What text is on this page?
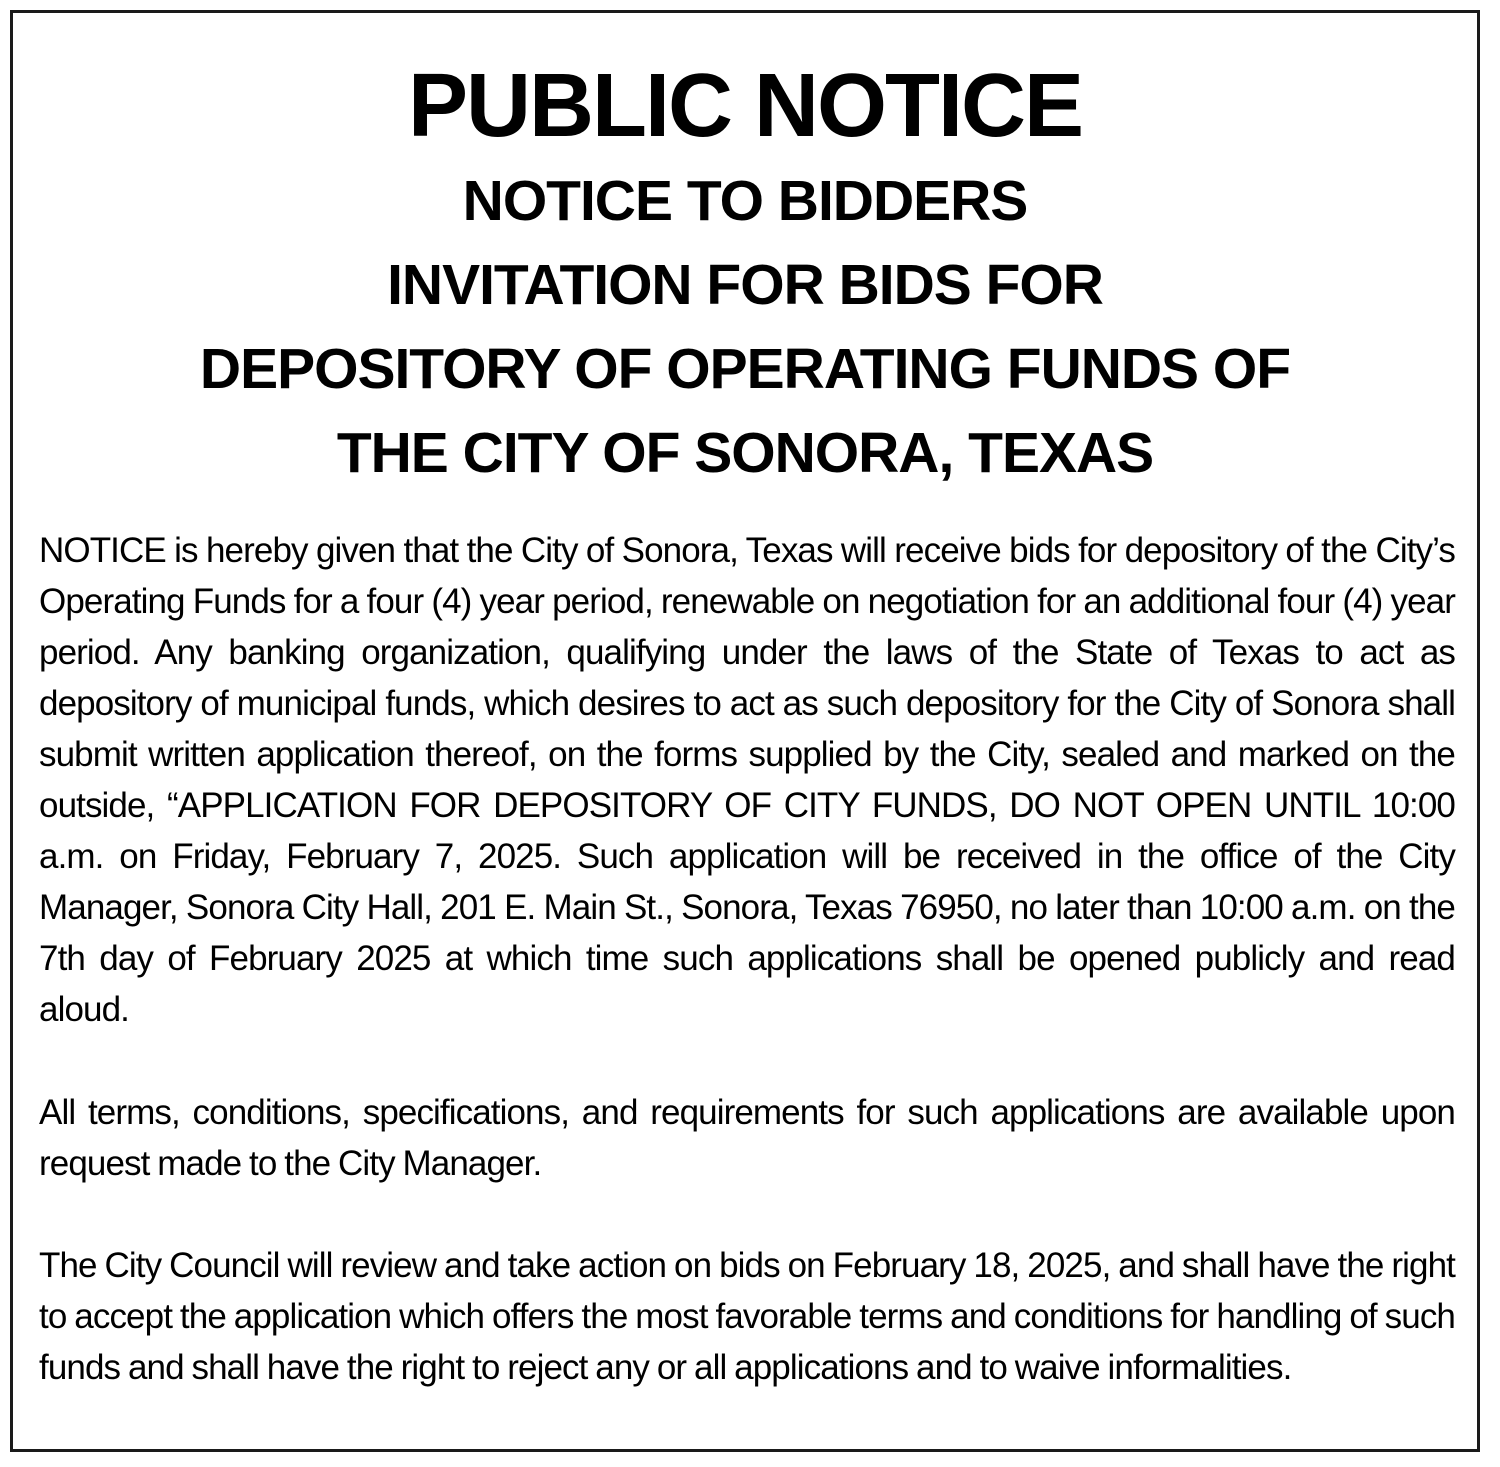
PUBLIC NOTICE
NOTICE TO BIDDERS
INVITATION FOR BIDS FOR
DEPOSITORY OF OPERATING FUNDS OF
THE CITY OF SONORA, TEXAS

NOTICE is hereby given that the City of Sonora, Texas will receive bids for depository of the City’s Operating Funds for a four (4) year period, renewable on negotiation for an additional four (4) year period. Any banking organization, qualifying under the laws of the State of Texas to act as depository of municipal funds, which desires to act as such depository for the City of Sonora shall submit written application thereof, on the forms supplied by the City, sealed and marked on the outside, “APPLICATION FOR DEPOSITORY OF CITY FUNDS, DO NOT OPEN UNTIL 10:00 a.m. on Friday, February 7, 2025. Such application will be received in the office of the City Manager, Sonora City Hall, 201 E. Main St., Sonora, Texas 76950, no later than 10:00 a.m. on the 7th day of February 2025 at which time such applications shall be opened publicly and read aloud.

All terms, conditions, specifications, and requirements for such applications are available upon request made to the City Manager.

The City Council will review and take action on bids on February 18, 2025, and shall have the right to accept the application which offers the most favorable terms and conditions for handling of such funds and shall have the right to reject any or all applications and to waive informalities.
